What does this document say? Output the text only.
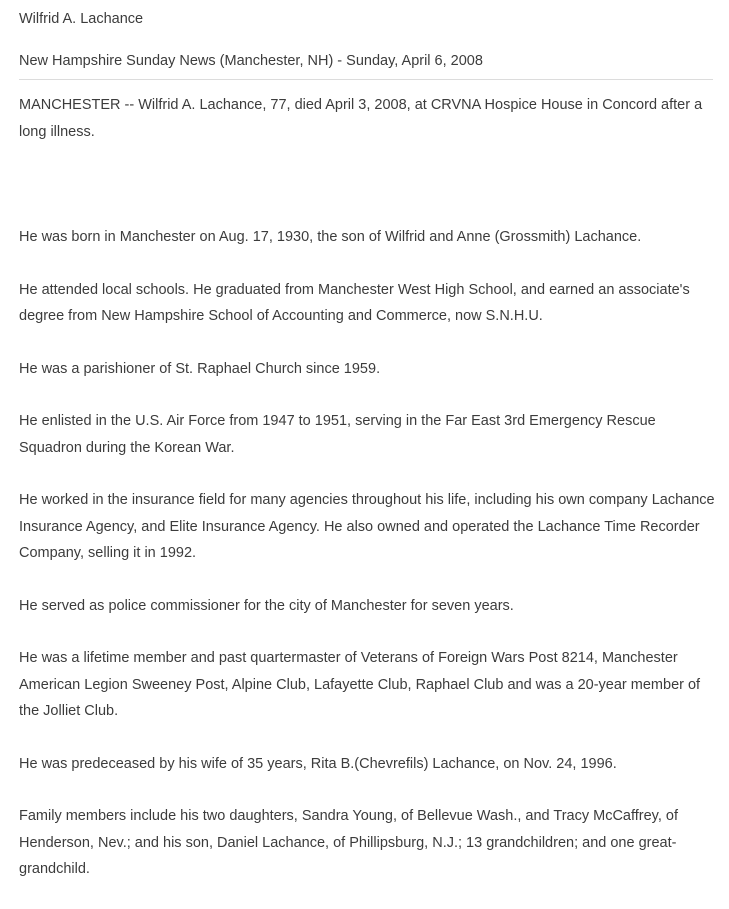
Wilfrid A. Lachance
New Hampshire Sunday News (Manchester, NH) - Sunday, April 6, 2008

MANCHESTER -- Wilfrid A. Lachance, 77, died April 3, 2008, at CRVNA Hospice House in Concord after a long illness.

He was born in Manchester on Aug. 17, 1930, the son of Wilfrid and Anne (Grossmith) Lachance.

He attended local schools. He graduated from Manchester West High School, and earned an associate's degree from New Hampshire School of Accounting and Commerce, now S.N.H.U.

He was a parishioner of St. Raphael Church since 1959.

He enlisted in the U.S. Air Force from 1947 to 1951, serving in the Far East 3rd Emergency Rescue Squadron during the Korean War.

He worked in the insurance field for many agencies throughout his life, including his own company Lachance Insurance Agency, and Elite Insurance Agency. He also owned and operated the Lachance Time Recorder Company, selling it in 1992.

He served as police commissioner for the city of Manchester for seven years.

He was a lifetime member and past quartermaster of Veterans of Foreign Wars Post 8214, Manchester American Legion Sweeney Post, Alpine Club, Lafayette Club, Raphael Club and was a 20-year member of the Jolliet Club.

He was predeceased by his wife of 35 years, Rita B.(Chevrefils) Lachance, on Nov. 24, 1996.

Family members include his two daughters, Sandra Young, of Bellevue Wash., and Tracy McCaffrey, of Henderson, Nev.; and his son, Daniel Lachance, of Phillipsburg, N.J.; 13 grandchildren; and one great-grandchild.
